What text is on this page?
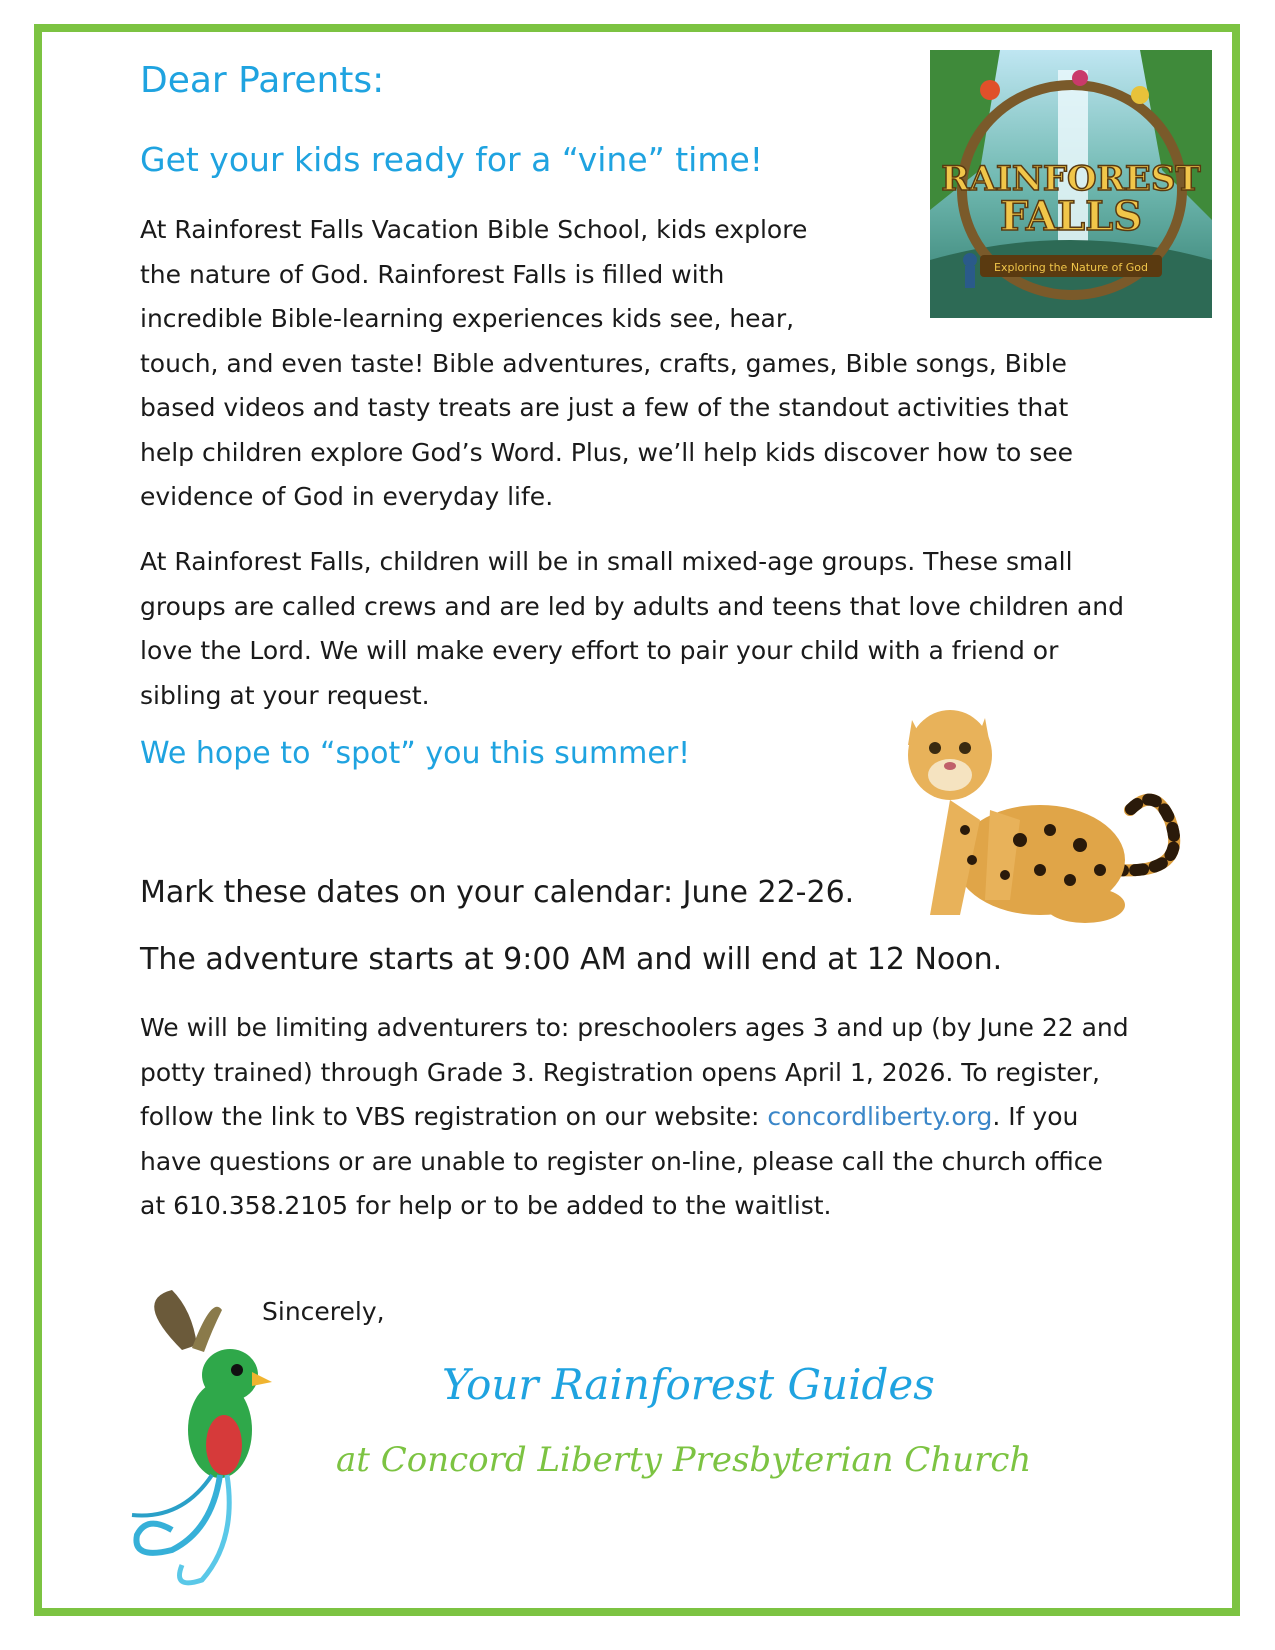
Dear Parents:
Get your kids ready for a “vine” time!

At Rainforest Falls Vacation Bible School, kids explore the nature of God. Rainforest Falls is filled with incredible Bible-learning experiences kids see, hear, touch, and even taste! Bible adventures, crafts, games, Bible songs, Bible based videos and tasty treats are just a few of the standout activities that help children explore God’s Word. Plus, we’ll help kids discover how to see evidence of God in everyday life.

At Rainforest Falls, children will be in small mixed-age groups. These small groups are called crews and are led by adults and teens that love children and love the Lord. We will make every effort to pair your child with a friend or sibling at your request.

We hope to “spot” you this summer!

Mark these dates on your calendar: June 22-26.

The adventure starts at 9:00 AM and will end at 12 Noon.

We will be limiting adventurers to: preschoolers ages 3 and up (by June 22 and potty trained) through Grade 3. Registration opens April 1, 2026. To register, follow the link to VBS registration on our website: concordliberty.org. If you have questions or are unable to register on-line, please call the church office at 610.358.2105 for help or to be added to the waitlist.

Sincerely,
Your Rainforest Guides
at Concord Liberty Presbyterian Church
RAINFOREST
FALLS
Exploring the Nature of God
